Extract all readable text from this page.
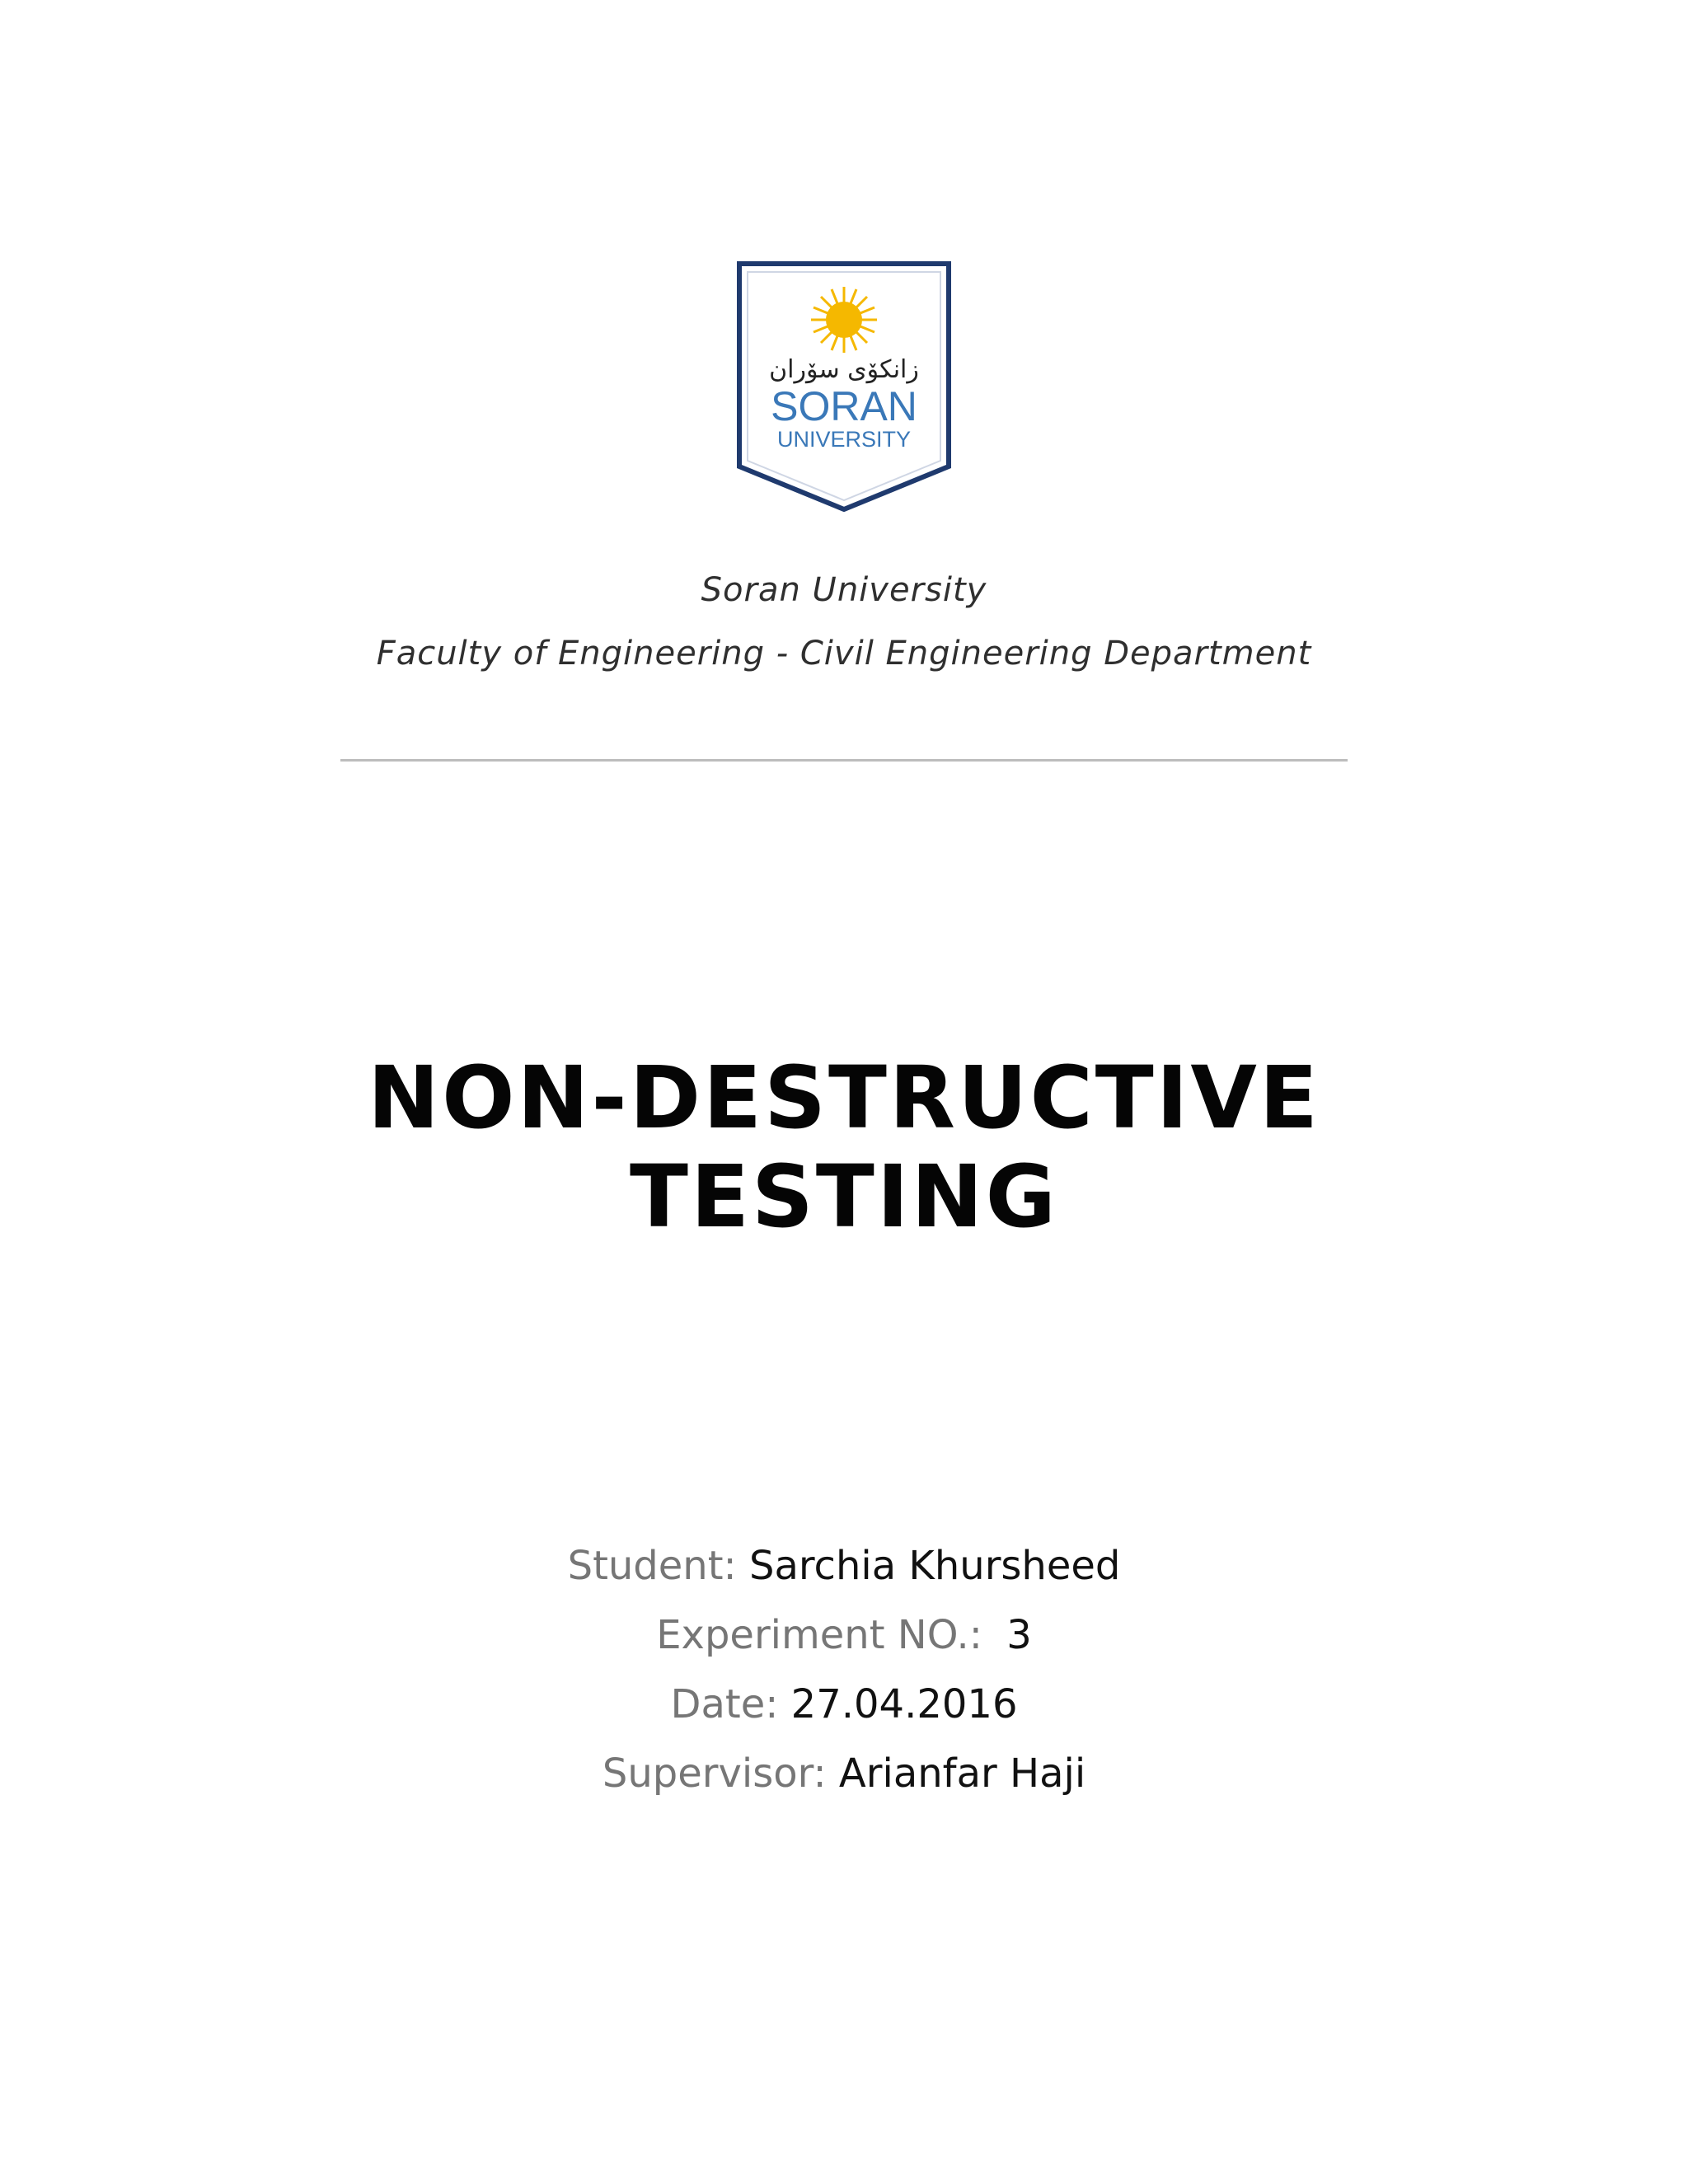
زانكۆی سۆران
SORAN
UNIVERSITY
Soran University
Faculty of Engineering - Civil Engineering Department
NON-DESTRUCTIVE
TESTING
Student: Sarchia Khursheed
Experiment NO.: 3
Date: 27.04.2016
Supervisor: Arianfar Haji
